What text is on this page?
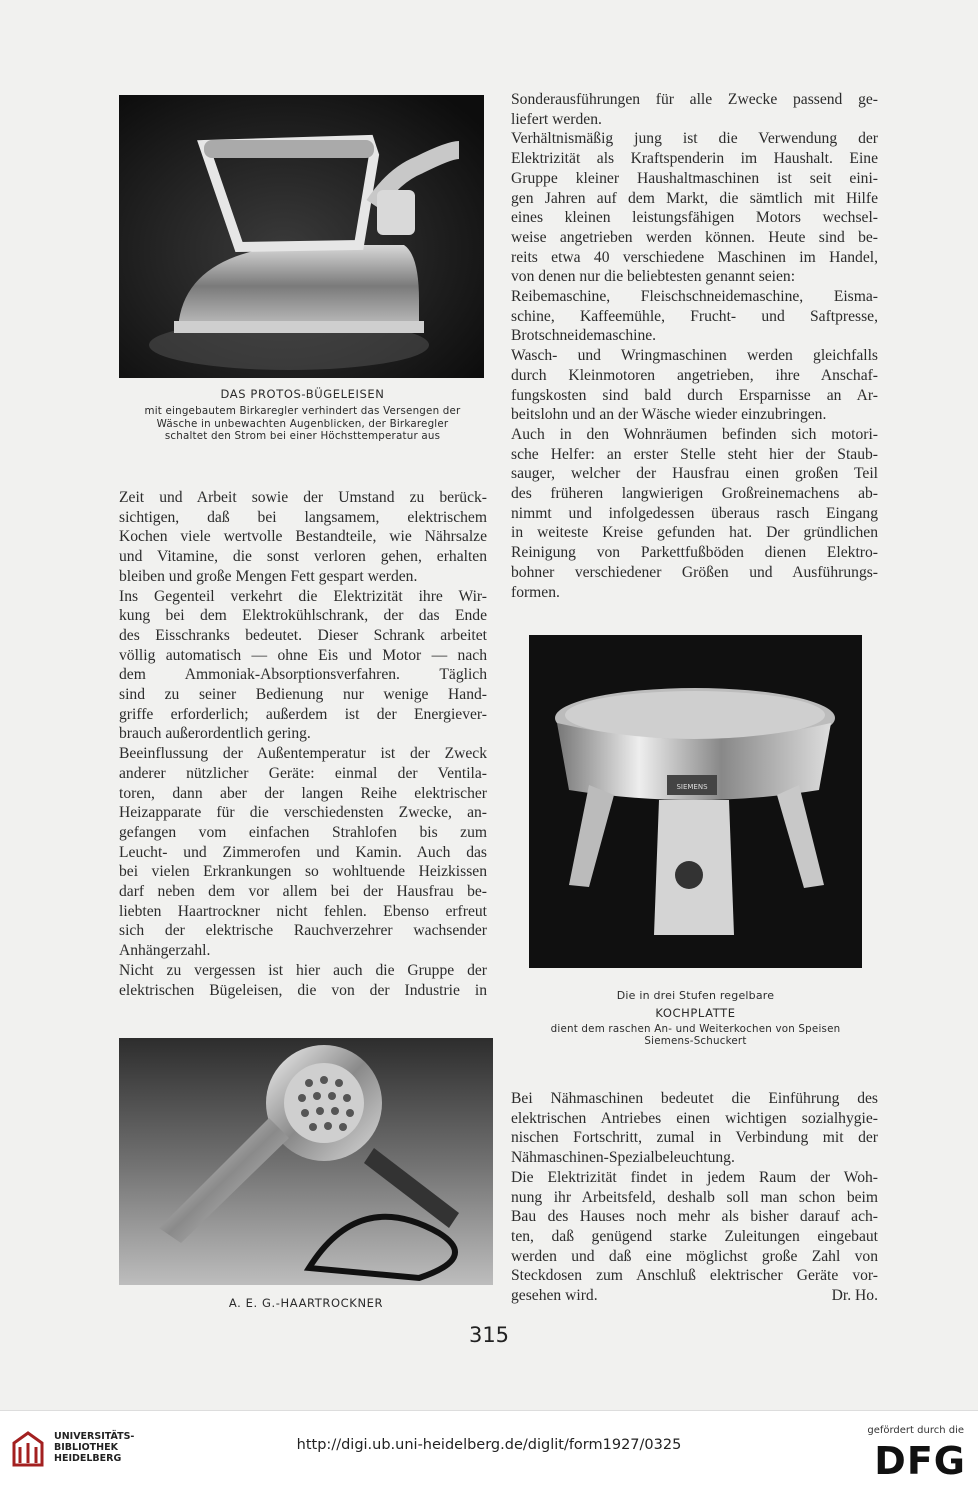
DAS PROTOS-BÜGELEISEN
mit eingebautem Birkaregler verhindert das Versengen der
Wäsche in unbewachten Augenblicken, der Birkaregler
schaltet den Strom bei einer Höchsttemperatur aus

Zeit und Arbeit sowie der Umstand zu berück-

sichtigen, daß bei langsamem, elektrischem

Kochen viele wertvolle Bestandteile, wie Nährsalze

und Vitamine, die sonst verloren gehen, erhalten

bleiben und große Mengen Fett gespart werden.

Ins Gegenteil verkehrt die Elektrizität ihre Wir-

kung bei dem Elektrokühlschrank, der das Ende

des Eisschranks bedeutet. Dieser Schrank arbeitet

völlig automatisch — ohne Eis und Motor — nach

dem Ammoniak-Absorptionsverfahren. Täglich

sind zu seiner Bedienung nur wenige Hand-

griffe erforderlich; außerdem ist der Energiever-

brauch außerordentlich gering.

Beeinflussung der Außentemperatur ist der Zweck

anderer nützlicher Geräte: einmal der Ventila-

toren, dann aber der langen Reihe elektrischer

Heizapparate für die verschiedensten Zwecke, an-

gefangen vom einfachen Strahlofen bis zum

Leucht- und Zimmerofen und Kamin. Auch das

bei vielen Erkrankungen so wohltuende Heizkissen

darf neben dem vor allem bei der Hausfrau be-

liebten Haartrockner nicht fehlen. Ebenso erfreut

sich der elektrische Rauchverzehrer wachsender

Anhängerzahl.

Nicht zu vergessen ist hier auch die Gruppe der

elektrischen Bügeleisen, die von der Industrie in

Sonderausführungen für alle Zwecke passend ge-

liefert werden.

Verhältnismäßig jung ist die Verwendung der

Elektrizität als Kraftspenderin im Haushalt. Eine

Gruppe kleiner Haushaltmaschinen ist seit eini-

gen Jahren auf dem Markt, die sämtlich mit Hilfe

eines kleinen leistungsfähigen Motors wechsel-

weise angetrieben werden können. Heute sind be-

reits etwa 40 verschiedene Maschinen im Handel,

von denen nur die beliebtesten genannt seien:

Reibemaschine, Fleischschneidemaschine, Eisma-

schine, Kaffeemühle, Frucht- und Saftpresse,

Brotschneidemaschine.

Wasch- und Wringmaschinen werden gleichfalls

durch Kleinmotoren angetrieben, ihre Anschaf-

fungskosten sind bald durch Ersparnisse an Ar-

beitslohn und an der Wäsche wieder einzubringen.

Auch in den Wohnräumen befinden sich motori-

sche Helfer: an erster Stelle steht hier der Staub-

sauger, welcher der Hausfrau einen großen Teil

des früheren langwierigen Großreinemachens ab-

nimmt und infolgedessen überaus rasch Eingang

in weiteste Kreise gefunden hat. Der gründlichen

Reinigung von Parkettfußböden dienen Elektro-

bohner verschiedener Größen und Ausführungs-

formen.

SIEMENS
Die in drei Stufen regelbare
KOCHPLATTE
dient dem raschen An- und Weiterkochen von Speisen
Siemens-Schuckert
A. E. G.-HAARTROCKNER

Bei Nähmaschinen bedeutet die Einführung des

elektrischen Antriebes einen wichtigen sozialhygie-

nischen Fortschritt, zumal in Verbindung mit der

Nähmaschinen-Spezialbeleuchtung.

Die Elektrizität findet in jedem Raum der Woh-

nung ihr Arbeitsfeld, deshalb soll man schon beim

Bau des Hauses noch mehr als bisher darauf ach-

ten, daß genügend starke Zuleitungen eingebaut

werden und daß eine möglichst große Zahl von

Steckdosen zum Anschluß elektrischer Geräte vor-

gesehen wird.	Dr. Ho.
315
UNIVERSITÄTS-
BIBLIOTHEK
HEIDELBERG
http://digi.ub.uni-heidelberg.de/diglit/form1927/0325
gefördert durch die
DFG
